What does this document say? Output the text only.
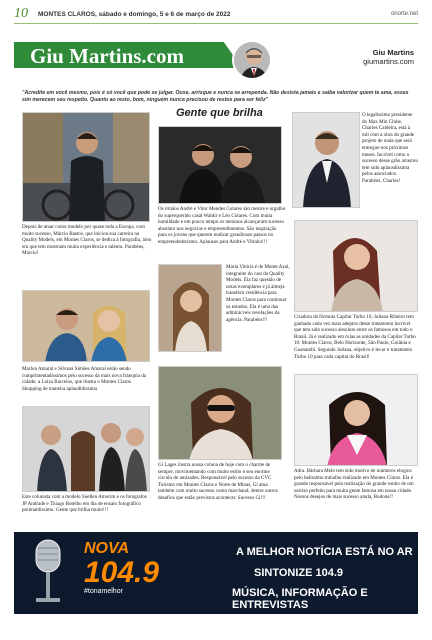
10 MONTES CLAROS, sábado e domingo, 5 e 6 de março de 2022	onorte.net
Giu Martins.com	Giu Martins
giumartins.com
"Acredite em você mesmo, pois é só você que pode se julgar. Ouse, arrisque e nunca se arrependa. Não desista jamais e saiba valorizar quem te ama, esses sim merecem seu respeito. Quanto ao resto, bom, ninguém nunca precisou de restos para ser feliz"
Gente que brilha
Depois de atuar como modelo por quase toda a Europa, com muito sucesso, Márcio Bastos, que iniciou sua carreira na Quality Models, em Montes Claros, se dedica à fotografia, área em que tem mostrado muita experiência e talento. Parabéns, Márcio!
Os irmãos André e Vitor Mendes Colares são mestre e orgulho do superquerido casal Waldir e Léo Colares. Com muita humildade e em pouco tempo os meninos alcançaram sucesso absoluto nos negócios e empreendimentos. São inspiração para os jovens que querem realizar grandiosos passos no empreendedorismo. Aplausos para André e Vitinho!!!
O legalíssimo presidente do Max Min Clube, Charles Caldeira, está à mil com a obra do grande projeto de onda que será entregue nos próximos meses. Incrível como o sucesso desse grão arrastou tem sido aplausdíssima pelos associados. Parabéns, Charles!
Maria Vitória é de Monte Azul, integrante do cast da Quality Models. Ela faz questão de notas exemplares e já almeja transferir residência para Montes Claros para continuar os estudos. Ela é uma das admirácveis revelações da agência. Parabéns!!!	Criadora da fórmula Capilar Turbo 10, Juliana Ribeiro tem ganhado cada vez mais adeptos desse tratamento incrível que tem sido sucesso absoluto entre os famosos em todo o Brasil. Já é realizado em rolas as unidades da Capilar Turbo 10: Montes Claros, Belo Horizonte, São Paulo, Goiânia e Guanambi. Segundo Juliana, objetivo é levar o tratamento Turbo 10 para cada capital do Brasil!
Marlon Amaral e Silvana Simões Amaral estão sendo cumprimentadíssimos pelo sucesso da mais nova franquia da cidade, a Luiza Barcelos, que ilustra o Montes Claros Shopping de maneira aplaudidíssima
Gi Lages ilustra nossa coluna de hoje com o charme de sempre, movimentando com muito estilo o seu enorme círculo de amizades. Responsável pelo sucesso da CVC Turismo em Montes Claros e Norte de Minas, Gi atua também com muito sucesso como marchand, dentre outros desafios que estão previstos acontecer. Sucesso Gi!!!
Este colunista com a modelo Suellen Amorim e os fotógrafos JP Andrade e Thiago Botelho em dia de ensaio fotográfico preimaidíssimo. Gente que brilha muito!!!
Adra. Bárbara Melo tem sido motivo de inúmeros elogios pelo belíssimo trabalho realizado em Montes Claros. Ela é grande responsável pela realização do grande sonho de um sorriso perfeito para muita gente famosa em nossa cidade. Nossos desejos de mais sucesso ainda, Bodona!!
NOVA
104.9
#tonamelhor
A MELHOR NOTÍCIA ESTÁ NO AR
SINTONIZE 104.9
MÚSICA, INFORMAÇÃO E ENTREVISTAS
